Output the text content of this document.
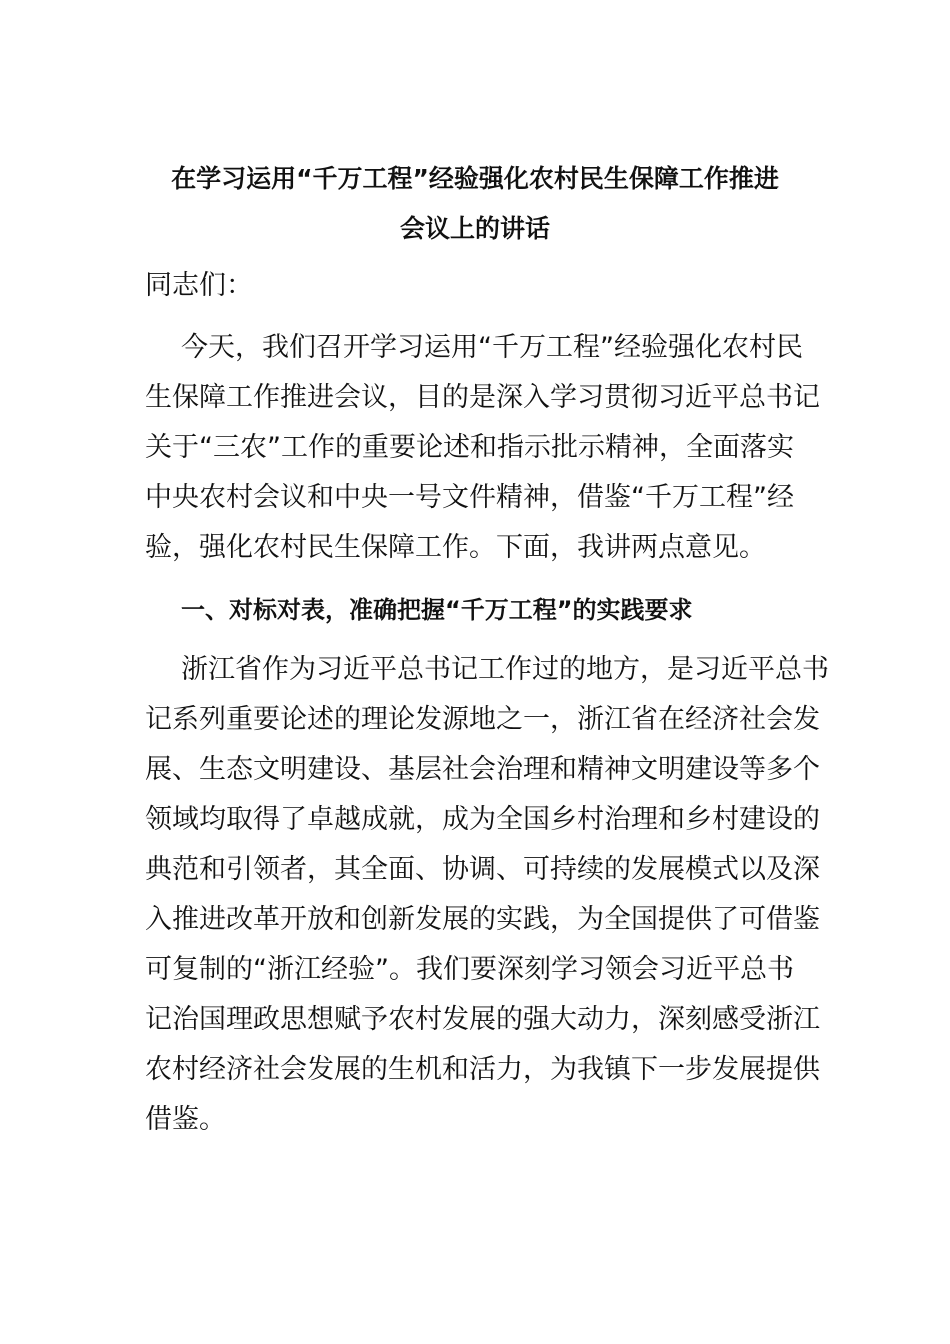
在学习运用“千万工程”经验强化农村民生保障工作推进
会议上的讲话
同志们：
今天，我们召开学习运用“千万工程”经验强化农村民
生保障工作推进会议，目的是深入学习贯彻习近平总书记
关于“三农”工作的重要论述和指示批示精神，全面落实
中央农村会议和中央一号文件精神，借鉴“千万工程”经
验，强化农村民生保障工作。下面，我讲两点意见。
一、对标对表，准确把握“千万工程”的实践要求
浙江省作为习近平总书记工作过的地方，是习近平总书
记系列重要论述的理论发源地之一，浙江省在经济社会发
展、生态文明建设、基层社会治理和精神文明建设等多个
领域均取得了卓越成就，成为全国乡村治理和乡村建设的
典范和引领者，其全面、协调、可持续的发展模式以及深
入推进改革开放和创新发展的实践，为全国提供了可借鉴
可复制的“浙江经验”。我们要深刻学习领会习近平总书
记治国理政思想赋予农村发展的强大动力，深刻感受浙江
农村经济社会发展的生机和活力，为我镇下一步发展提供
借鉴。
